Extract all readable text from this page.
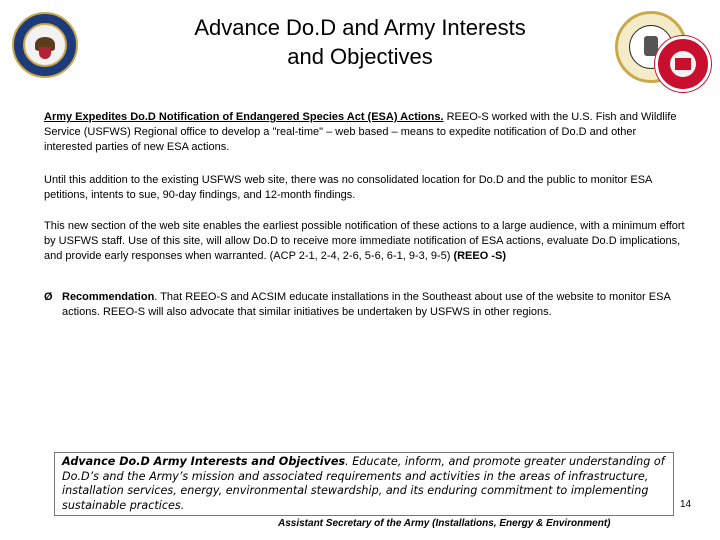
Advance Do.D and Army Interests
and Objectives
Army Expedites Do.D Notification of Endangered Species Act (ESA) Actions. REEO-S worked with the U.S. Fish and Wildlife Service (USFWS) Regional office to develop a "real-time" – web based – means to expedite notification of Do.D and other interested parties of new ESA actions.
Until this addition to the existing USFWS web site, there was no consolidated location for Do.D and the public to monitor ESA petitions, intents to sue, 90-day findings, and 12-month findings.
This new section of the web site enables the earliest possible notification of these actions to a large audience, with a minimum effort by USFWS staff. Use of this site, will allow Do.D to receive more immediate notification of ESA actions, evaluate Do.D implications, and provide early responses when warranted. (ACP 2-1, 2-4, 2-6, 5-6, 6-1, 9-3, 9-5) (REEO -S)
Ø Recommendation. That REEO-S and ACSIM educate installations in the Southeast about use of the website to monitor ESA actions. REEO-S will also advocate that similar initiatives be undertaken by USFWS in other regions.
Advance Do.D Army Interests and Objectives. Educate, inform, and promote greater understanding of Do.D’s and the Army’s mission and associated requirements and activities in the areas of infrastructure, installation services, energy, environmental stewardship, and its enduring commitment to implementing sustainable practices.
Assistant Secretary of the Army (Installations, Energy & Environment)
14
